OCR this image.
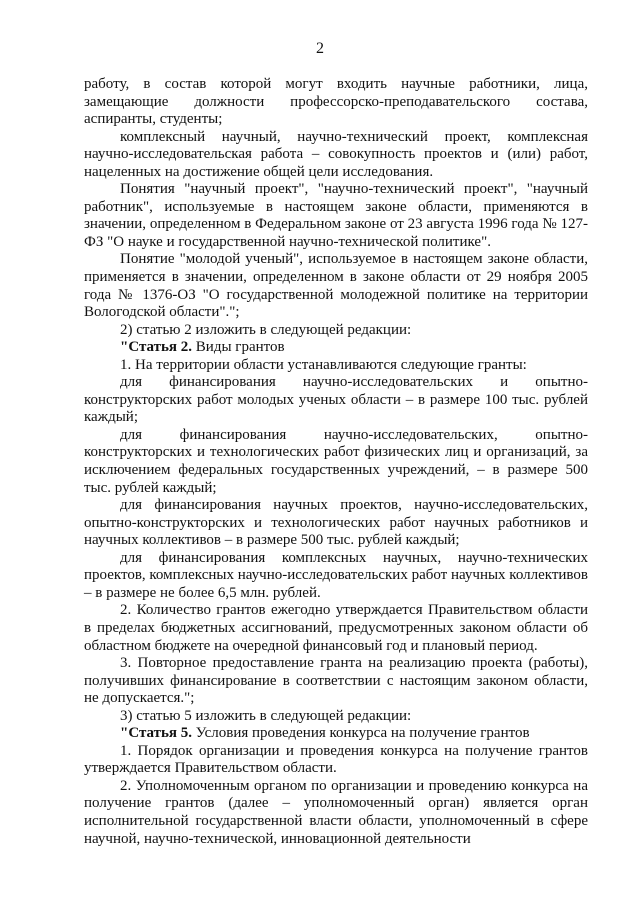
2

работу, в состав которой могут входить научные работники, лица, замещающие должности профессорско-преподавательского состава, аспиранты, студенты;

комплексный научный, научно-технический проект, комплексная научно-исследовательская работа – совокупность проектов и (или) работ, нацеленных на достижение общей цели исследования.

Понятия "научный проект", "научно-технический проект", "научный работник", используемые в настоящем законе области, применяются в значении, определенном в Федеральном законе от 23 августа 1996 года № 127-ФЗ "О науке и государственной научно-технической политике".

Понятие "молодой ученый", используемое в настоящем законе области, применяется в значении, определенном в законе области от 29 ноября 2005 года № 1376-ОЗ "О государственной молодежной политике на территории Вологодской области".";

2) статью 2 изложить в следующей редакции:

"Статья 2. Виды грантов

1. На территории области устанавливаются следующие гранты:

для финансирования научно-исследовательских и опытно-конструкторских работ молодых ученых области – в размере 100 тыс. рублей каждый;

для финансирования научно-исследовательских, опытно-конструкторских и технологических работ физических лиц и организаций, за исключением федеральных государственных учреждений, – в размере 500 тыс. рублей каждый;

для финансирования научных проектов, научно-исследовательских, опытно-конструкторских и технологических работ научных работников и научных коллективов – в размере 500 тыс. рублей каждый;

для финансирования комплексных научных, научно-технических проектов, комплексных научно-исследовательских работ научных коллективов – в размере не более 6,5 млн. рублей.

2. Количество грантов ежегодно утверждается Правительством области в пределах бюджетных ассигнований, предусмотренных законом области об областном бюджете на очередной финансовый год и плановый период.

3. Повторное предоставление гранта на реализацию проекта (работы), получивших финансирование в соответствии с настоящим законом области, не допускается.";

3) статью 5 изложить в следующей редакции:

"Статья 5. Условия проведения конкурса на получение грантов

1. Порядок организации и проведения конкурса на получение грантов утверждается Правительством области.

2. Уполномоченным органом по организации и проведению конкурса на получение грантов (далее – уполномоченный орган) является орган исполнительной государственной власти области, уполномоченный в сфере научной, научно-технической, инновационной деятельности
